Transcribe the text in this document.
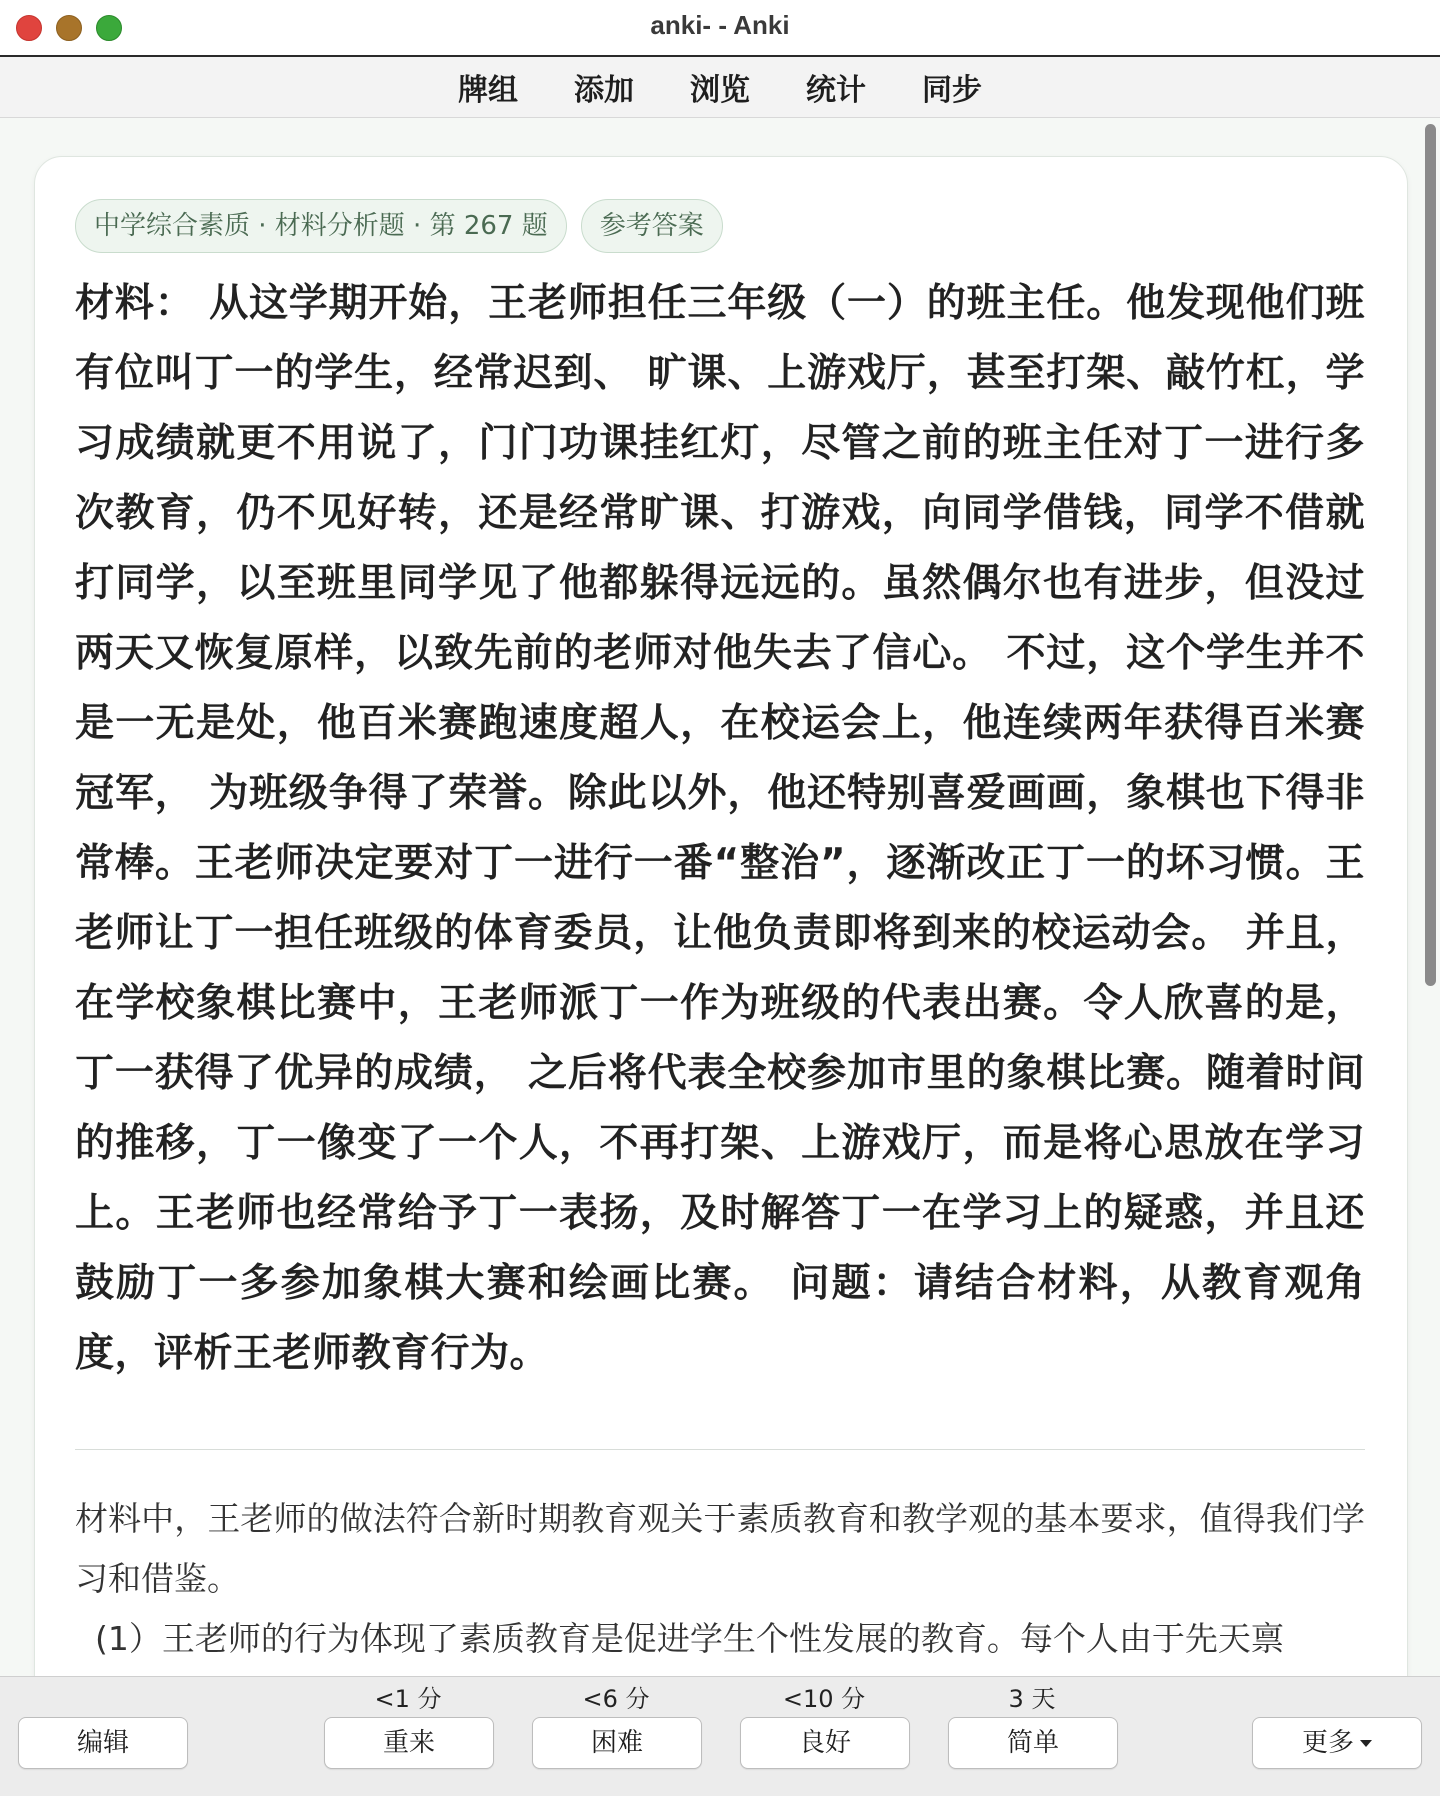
anki- - Anki
牌组	添加	浏览	统计	同步
中学综合素质 · 材料分析题 · 第 267 题	参考答案
材料： 从这学期开始，王老师担任三年级（一）的班主任。他发现他们班有位叫丁一的学生，经常迟到、 旷课、上游戏厅，甚至打架、敲竹杠，学习成绩就更不用说了，门门功课挂红灯，尽管之前的班主任对丁一进行多次教育，仍不见好转，还是经常旷课、打游戏，向同学借钱，同学不借就打同学，以至班里同学见了他都躲得远远的。虽然偶尔也有进步，但没过两天又恢复原样，以致先前的老师对他失去了信心。 不过，这个学生并不是一无是处，他百米赛跑速度超人，在校运会上，他连续两年获得百米赛冠军， 为班级争得了荣誉。除此以外，他还特别喜爱画画，象棋也下得非常棒。王老师决定要对丁一进行一番“整治”，逐渐改正丁一的坏习惯。王老师让丁一担任班级的体育委员，让他负责即将到来的校运动会。 并且，在学校象棋比赛中，王老师派丁一作为班级的代表出赛。令人欣喜的是，丁一获得了优异的成绩， 之后将代表全校参加市里的象棋比赛。随着时间的推移，丁一像变了一个人，不再打架、上游戏厅，而是将心思放在学习上。王老师也经常给予丁一表扬，及时解答丁一在学习上的疑惑，并且还鼓励丁一多参加象棋大赛和绘画比赛。 问题：请结合材料，从教育观角度，评析王老师教育行为。

材料中，王老师的做法符合新时期教育观关于素质教育和教学观的基本要求，值得我们学习和借鉴。

(1）王老师的行为体现了素质教育是促进学生个性发展的教育。每个人由于先天禀

编辑
<1 分
重来
<6 分
困难
<10 分
良好
3 天
简单	更多
